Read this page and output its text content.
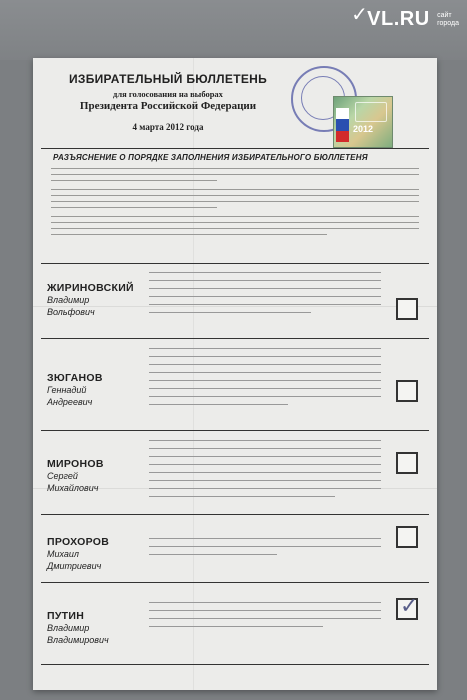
✓ VL.RU сайт
города
ИЗБИРАТЕЛЬНЫЙ БЮЛЛЕТЕНЬ
для голосования на выборах
Президента Российской Федерации
4 марта 2012 года	2012
РАЗЪЯСНЕНИЕ О ПОРЯДКЕ ЗАПОЛНЕНИЯ ИЗБИРАТЕЛЬНОГО БЮЛЛЕТЕНЯ
ЖИРИНОВСКИЙ
Владимир
Вольфович
ЗЮГАНОВ
Геннадий
Андреевич
МИРОНОВ
Сергей
Михайлович
ПРОХОРОВ
Михаил
Дмитриевич
ПУТИН
Владимир
Владимирович
✓
